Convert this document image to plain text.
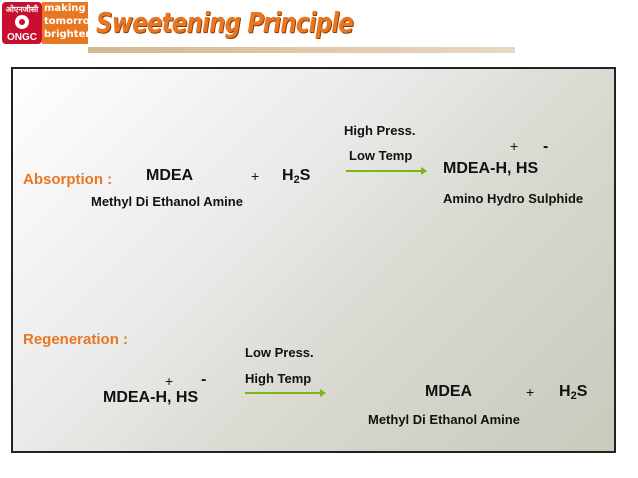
ओएनजीसी
ONGC
making
tomorrow
brighter Sweetening Principle
Absorption : MDEA	+ $H_2S$
Methyl Di Ethanol Amine
High Press.
Low Temp
+ -
MDEA-H, HS
Amino Hydro Sulphide
Regeneration :
+ -
MDEA-H, HS
Low Press.
High Temp
MDEA	+ $H_2S$
Methyl Di Ethanol Amine
